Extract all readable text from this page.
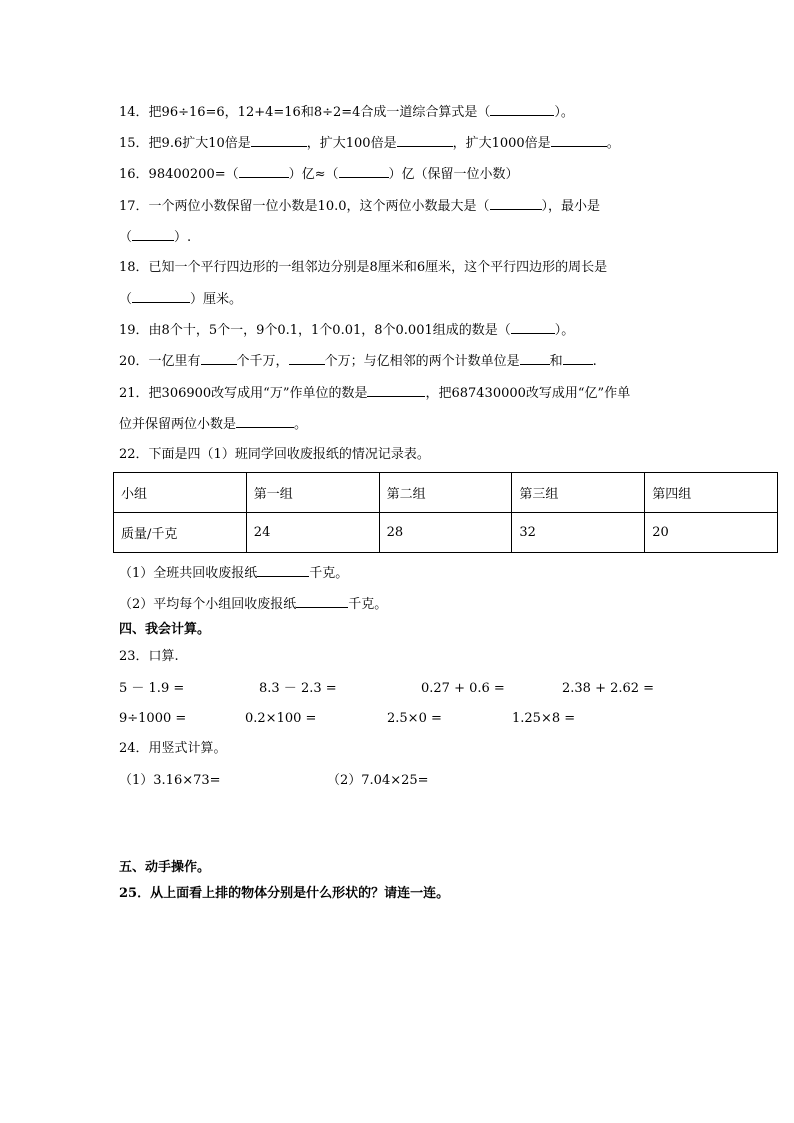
14．把96÷16=6，12+4=16和8÷2=4合成一道综合算式是（	）。
15．把9.6扩大10倍是	，扩大100倍是	，扩大1000倍是	。
16．98400200=（	）亿≈（	）亿（保留一位小数）
17．一个两位小数保留一位小数是10.0，这个两位小数最大是（	），最小是
（	）.
18．已知一个平行四边形的一组邻边分别是8厘米和6厘米，这个平行四边形的周长是
（	）厘米。
19．由8个十，5个一，9个0.1，1个0.01，8个0.001组成的数是（	）。
20．一亿里有	个千万，	个万；与亿相邻的两个计数单位是 和 .
21．把306900改写成用“万”作单位的数是	，把687430000改写成用“亿”作单
位并保留两位小数是	。
22．下面是四（1）班同学回收废报纸的情况记录表。
小组	第一组	第二组	第三组	第四组
质量/千克	24	28	32	20
（1）全班共回收废报纸	千克。
（2）平均每个小组回收废报纸	千克。
四、我会计算。
23．口算.
5 － 1.9 =	8.3 － 2.3 =	0.27 + 0.6 =	2.38 + 2.62 =
9÷1000 =	0.2×100 =	2.5×0 =	1.25×8 =
24．用竖式计算。
（1）3.16×73=	（2）7.04×25=
五、动手操作。
25．从上面看上排的物体分别是什么形状的？请连一连。
